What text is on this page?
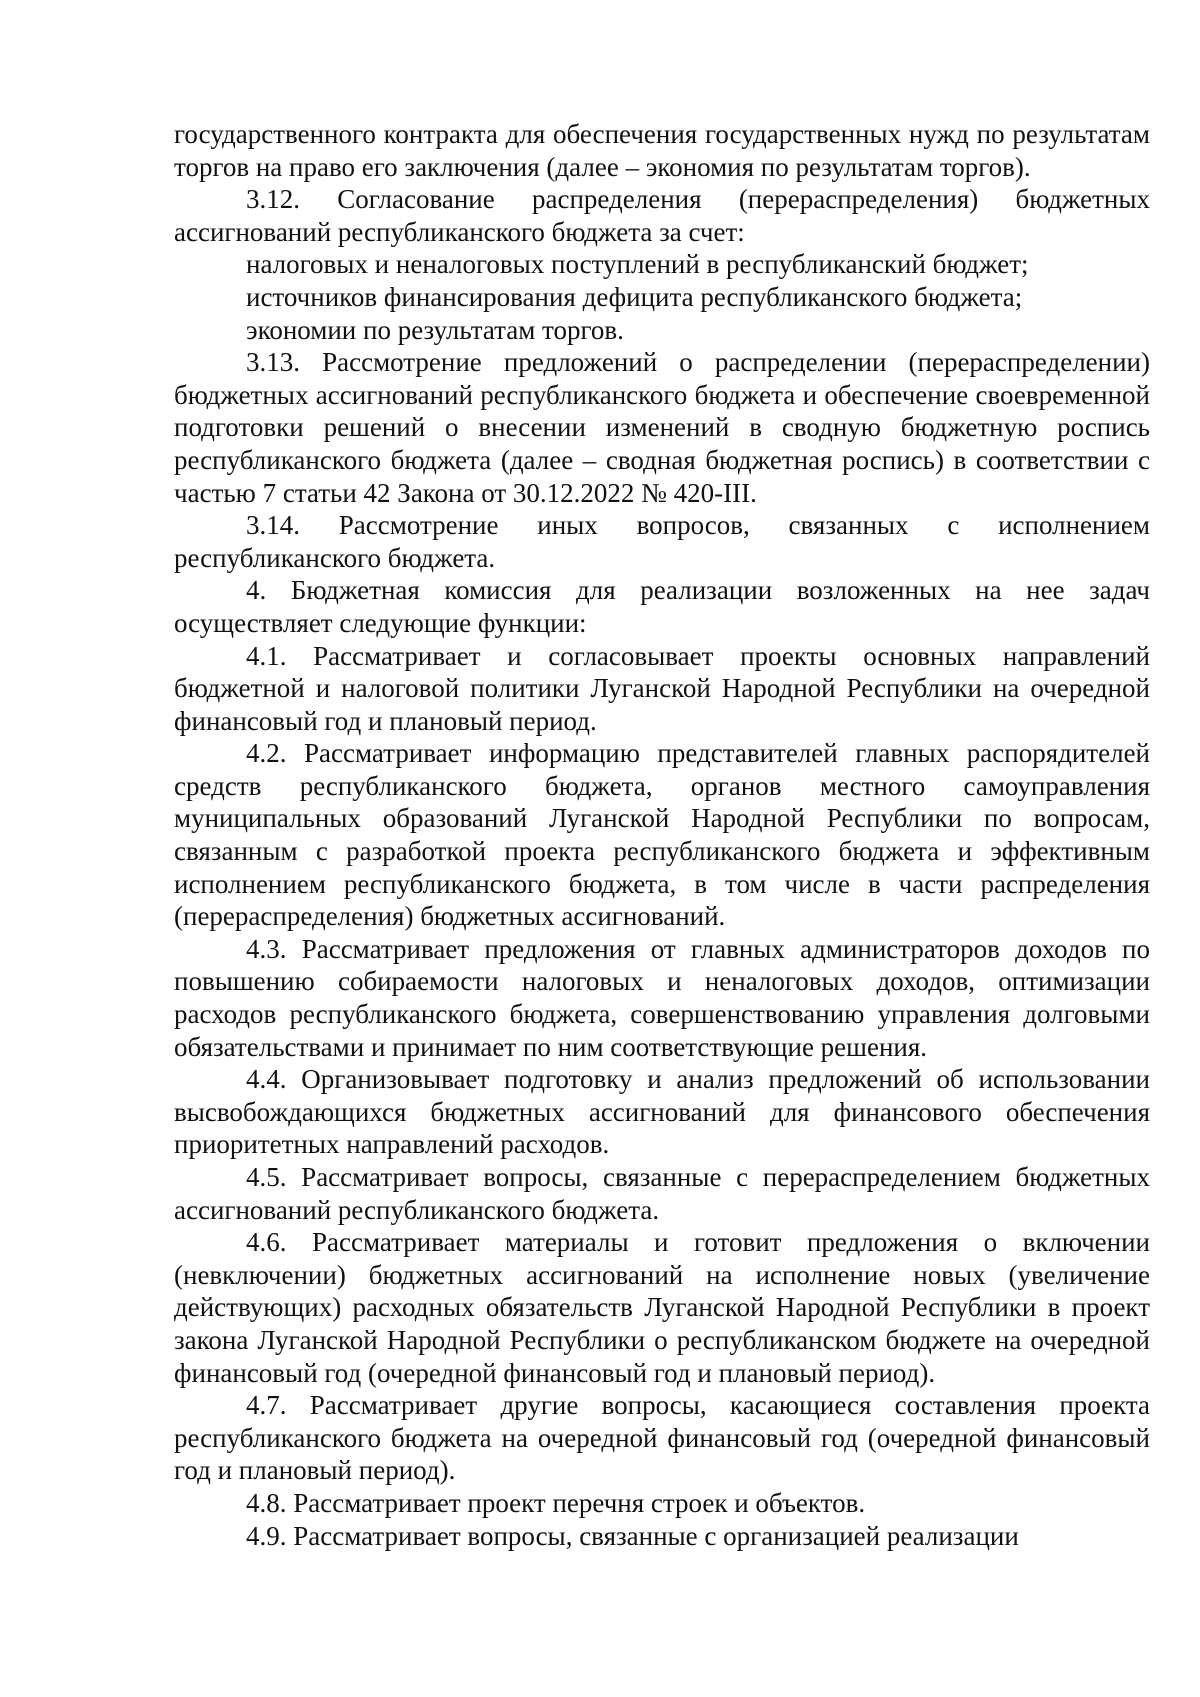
государственного контракта для обеспечения государственных нужд по результатам торгов на право его заключения (далее – экономия по результатам торгов).

3.12. Согласование распределения (перераспределения) бюджетных ассигнований республиканского бюджета за счет:

налоговых и неналоговых поступлений в республиканский бюджет;

источников финансирования дефицита республиканского бюджета;

экономии по результатам торгов.

3.13. Рассмотрение предложений о распределении (перераспределении) бюджетных ассигнований республиканского бюджета и обеспечение своевременной подготовки решений о внесении изменений в сводную бюджетную роспись республиканского бюджета (далее – сводная бюджетная роспись) в соответствии с частью 7 статьи 42 Закона от 30.12.2022 № 420-III.

3.14. Рассмотрение иных вопросов, связанных с исполнением республиканского бюджета.

4. Бюджетная комиссия для реализации возложенных на нее задач осуществляет следующие функции:

4.1. Рассматривает и согласовывает проекты основных направлений бюджетной и налоговой политики Луганской Народной Республики на очередной финансовый год и плановый период.

4.2. Рассматривает информацию представителей главных распорядителей средств республиканского бюджета, органов местного самоуправления муниципальных образований Луганской Народной Республики по вопросам, связанным с разработкой проекта республиканского бюджета и эффективным исполнением республиканского бюджета, в том числе в части распределения (перераспределения) бюджетных ассигнований.

4.3. Рассматривает предложения от главных администраторов доходов по повышению собираемости налоговых и неналоговых доходов, оптимизации расходов республиканского бюджета, совершенствованию управления долговыми обязательствами и принимает по ним соответствующие решения.

4.4. Организовывает подготовку и анализ предложений об использовании высвобождающихся бюджетных ассигнований для финансового обеспечения приоритетных направлений расходов.

4.5. Рассматривает вопросы, связанные с перераспределением бюджетных ассигнований республиканского бюджета.

4.6. Рассматривает материалы и готовит предложения о включении (невключении) бюджетных ассигнований на исполнение новых (увеличение действующих) расходных обязательств Луганской Народной Республики в проект закона Луганской Народной Республики о республиканском бюджете на очередной финансовый год (очередной финансовый год и плановый период).

4.7. Рассматривает другие вопросы, касающиеся составления проекта республиканского бюджета на очередной финансовый год (очередной финансовый год и плановый период).

4.8. Рассматривает проект перечня строек и объектов.

4.9. Рассматривает вопросы, связанные с организацией реализации
